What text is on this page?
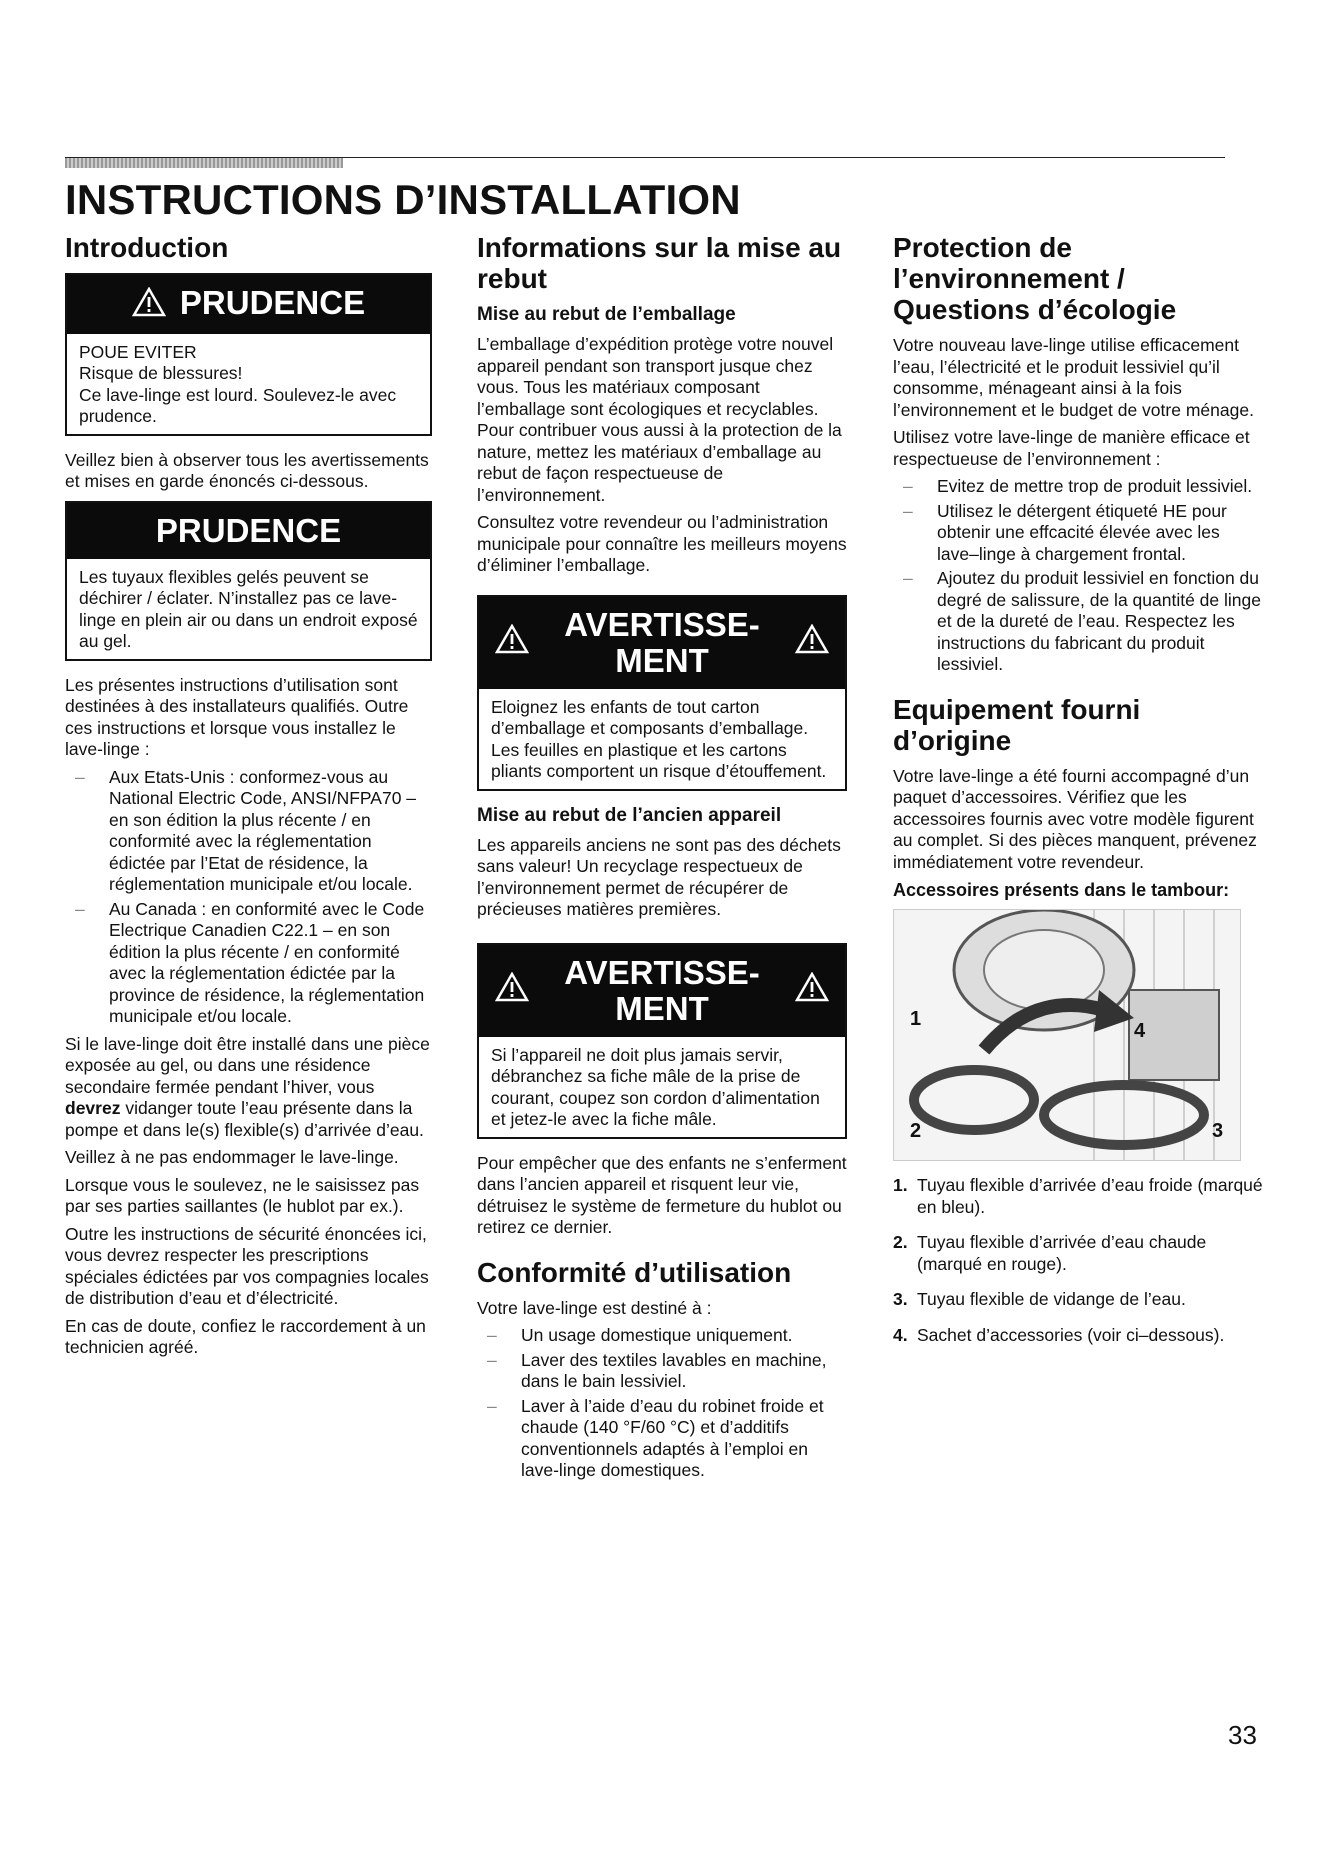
INSTRUCTIONS D’INSTALLATION
Introduction
PRUDENCE

POUE EVITER

Risque de blessures!

Ce lave-linge est lourd. Soulevez-le avec prudence.

Veillez bien à observer tous les avertissements et mises en garde énoncés ci-dessous.

PRUDENCE
Les tuyaux flexibles gelés peuvent se déchirer / éclater. N’installez pas ce lave-linge en plein air ou dans un endroit exposé au gel.

Les présentes instructions d’utilisation sont destinées à des installateurs qualifiés. Outre ces instructions et lorsque vous installez le lave-linge :

– Aux Etats-Unis : conformez-vous au National Electric Code, ANSI/NFPA70 – en son édition la plus récente / en conformité avec la réglementation édictée par l’Etat de résidence, la réglementation municipale et/ou locale.
– Au Canada : en conformité avec le Code Electrique Canadien C22.1 – en son édition la plus récente / en conformité avec la réglementation édictée par la province de résidence, la réglementation municipale et/ou locale.

Si le lave-linge doit être installé dans une pièce exposée au gel, ou dans une résidence secondaire fermée pendant l’hiver, vous devrez vidanger toute l’eau présente dans la pompe et dans le(s) flexible(s) d’arrivée d’eau.

Veillez à ne pas endommager le lave-linge.

Lorsque vous le soulevez, ne le saisissez pas par ses parties saillantes (le hublot par ex.).

Outre les instructions de sécurité énoncées ici, vous devrez respecter les prescriptions spéciales édictées par vos compagnies locales de distribution d’eau et d’électricité.

En cas de doute, confiez le raccordement à un technicien agréé.

Informations sur la mise au rebut
Mise au rebut de l’emballage

L’emballage d’expédition protège votre nouvel appareil pendant son transport jusque chez vous. Tous les matériaux composant l’emballage sont écologiques et recyclables. Pour contribuer vous aussi à la protection de la nature, mettez les matériaux d’emballage au rebut de façon respectueuse de l’environnement.

Consultez votre revendeur ou l’administration municipale pour connaître les meilleurs moyens d’éliminer l’emballage.

AVERTISSE-
MENT
Eloignez les enfants de tout carton d’emballage et composants d’emballage. Les feuilles en plastique et les cartons pliants comportent un risque d’étouffement.
Mise au rebut de l’ancien appareil

Les appareils anciens ne sont pas des déchets sans valeur! Un recyclage respectueux de l’environnement permet de récupérer de précieuses matières premières.

AVERTISSE-
MENT
Si l’appareil ne doit plus jamais servir, débranchez sa fiche mâle de la prise de courant, coupez son cordon d’alimentation et jetez-le avec la fiche mâle.

Pour empêcher que des enfants ne s’enferment dans l’ancien appareil et risquent leur vie, détruisez le système de fermeture du hublot ou retirez ce dernier.

Conformité d’utilisation

Votre lave-linge est destiné à :

– Un usage domestique uniquement.
– Laver des textiles lavables en machine, dans le bain lessiviel.
– Laver à l’aide d’eau du robinet froide et chaude (140 °F/60 °C) et d’additifs conventionnels adaptés à l’emploi en lave-linge domestiques.
Protection de l’environnement / Questions d’écologie

Votre nouveau lave-linge utilise efficacement l’eau, l’électricité et le produit lessiviel qu’il consomme, ménageant ainsi à la fois l’environnement et le budget de votre ménage.

Utilisez votre lave-linge de manière efficace et respectueuse de l’environnement :

– Evitez de mettre trop de produit lessiviel.
– Utilisez le détergent étiqueté HE pour obtenir une effcacité élevée avec les lave–linge à chargement frontal.
– Ajoutez du produit lessiviel en fonction du degré de salissure, de la quantité de linge et de la dureté de l’eau. Respectez les instructions du fabricant du produit lessiviel.
Equipement fourni d’origine

Votre lave-linge a été fourni accompagné d’un paquet d’accessoires. Vérifiez que les accessoires fournis avec votre modèle figurent au complet. Si des pièces manquent, prévenez immédiatement votre revendeur.

Accessoires présents dans le tambour:
1
2	3
4
1. Tuyau flexible d’arrivée d’eau froide (marqué en bleu).
2. Tuyau flexible d’arrivée d’eau chaude (marqué en rouge).
3. Tuyau flexible de vidange de l’eau.
4. Sachet d’accessories (voir ci–dessous).
33
